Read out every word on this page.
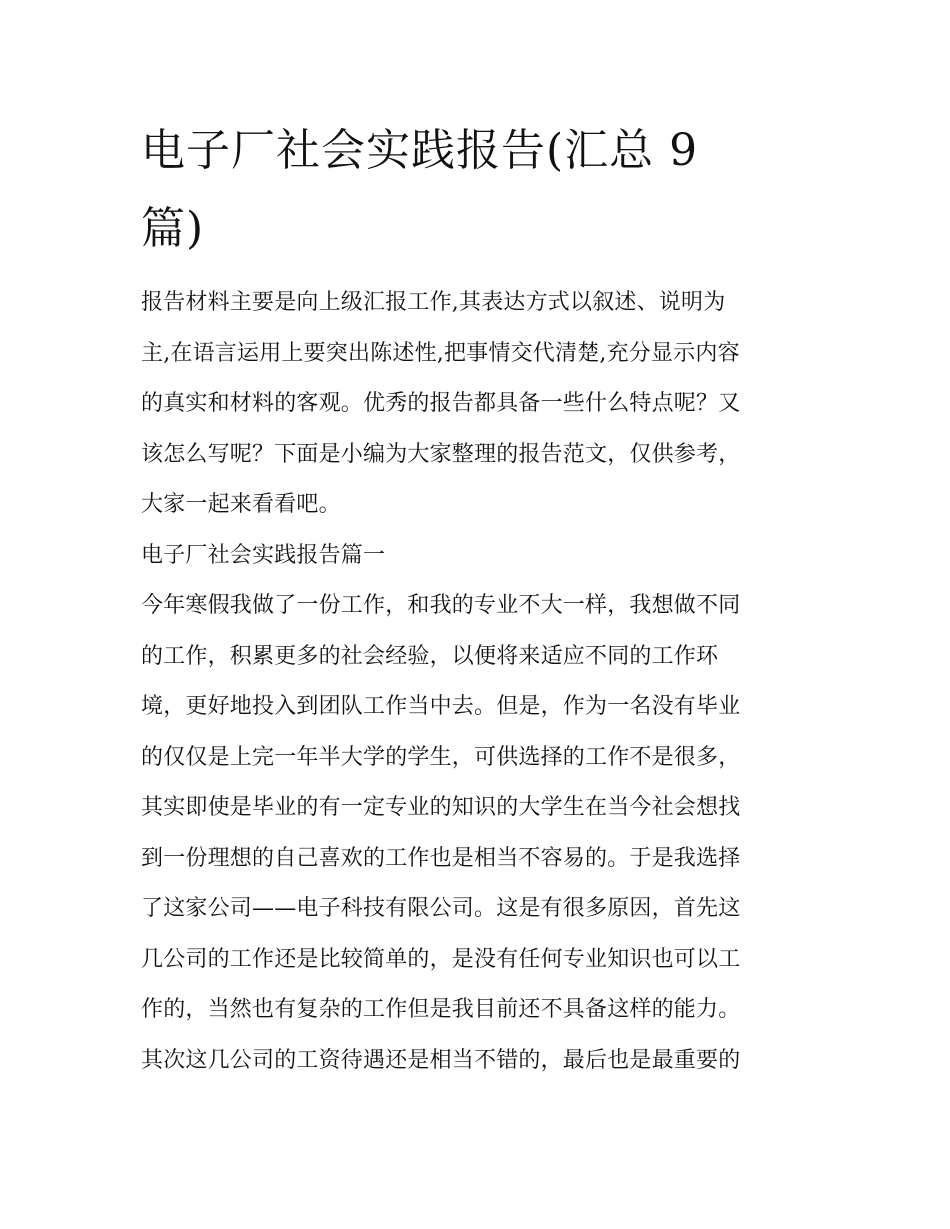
电子厂社会实践报告(汇总 9
篇)
报告材料主要是向上级汇报工作,其表达方式以叙述、说明为
主,在语言运用上要突出陈述性,把事情交代清楚,充分显示内容
的真实和材料的客观。优秀的报告都具备一些什么特点呢？又
该怎么写呢？下面是小编为大家整理的报告范文，仅供参考，
大家一起来看看吧。
电子厂社会实践报告篇一
今年寒假我做了一份工作，和我的专业不大一样，我想做不同
的工作，积累更多的社会经验，以便将来适应不同的工作环
境，更好地投入到团队工作当中去。但是，作为一名没有毕业
的仅仅是上完一年半大学的学生，可供选择的工作不是很多，
其实即使是毕业的有一定专业的知识的大学生在当今社会想找
到一份理想的自己喜欢的工作也是相当不容易的。于是我选择
了这家公司——电子科技有限公司。这是有很多原因，首先这
几公司的工作还是比较简单的，是没有任何专业知识也可以工
作的，当然也有复杂的工作但是我目前还不具备这样的能力。
其次这几公司的工资待遇还是相当不错的，最后也是最重要的
